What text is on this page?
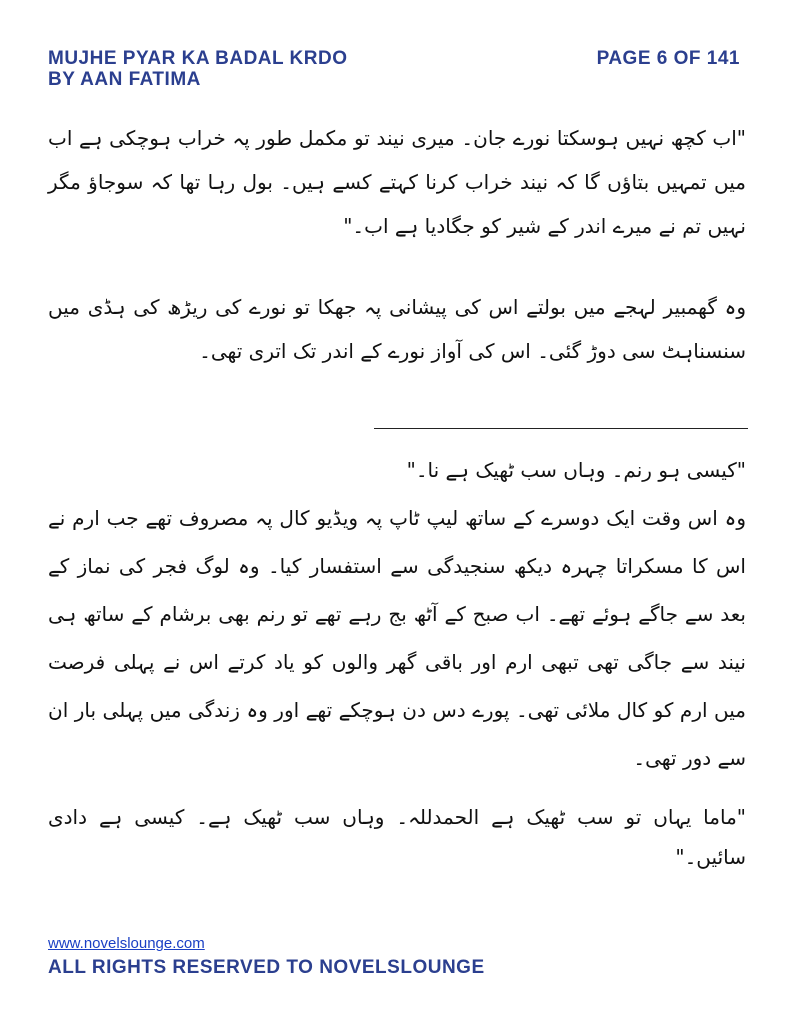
MUJHE PYAR KA BADAL KRDO
BY AAN FATIMA
PAGE 6 OF 141

"اب کچھ نہیں ہوسکتا نورے جان۔ میری نیند تو مکمل طور پہ خراب ہوچکی ہے اب میں تمہیں بتاؤں گا کہ نیند خراب کرنا کہتے کسے ہیں۔ بول رہا تھا کہ سوجاؤ مگر نہیں تم نے میرے اندر کے شیر کو جگادیا ہے اب۔"

وہ گھمبیر لہجے میں بولتے اس کی پیشانی پہ جھکا تو نورے کی ریڑھ کی ہڈی میں سنسناہٹ سی دوڑ گئی۔ اس کی آواز نورے کے اندر تک اتری تھی۔

"کیسی ہو رنم۔ وہاں سب ٹھیک ہے نا۔"

وہ اس وقت ایک دوسرے کے ساتھ لیپ ٹاپ پہ ویڈیو کال پہ مصروف تھے جب ارم نے اس کا مسکراتا چہرہ دیکھ سنجیدگی سے استفسار کیا۔ وہ لوگ فجر کی نماز کے بعد سے جاگے ہوئے تھے۔ اب صبح کے آٹھ بج رہے تھے تو رنم بھی برشام کے ساتھ ہی نیند سے جاگی تھی تبھی ارم اور باقی گھر والوں کو یاد کرتے اس نے پہلی فرصت میں ارم کو کال ملائی تھی۔ پورے دس دن ہوچکے تھے اور وہ زندگی میں پہلی بار ان سے دور تھی۔

"ماما یہاں تو سب ٹھیک ہے الحمدللہ۔ وہاں سب ٹھیک ہے۔ کیسی ہے دادی سائیں۔"

www.novelslounge.com
ALL RIGHTS RESERVED TO NOVELSLOUNGE
